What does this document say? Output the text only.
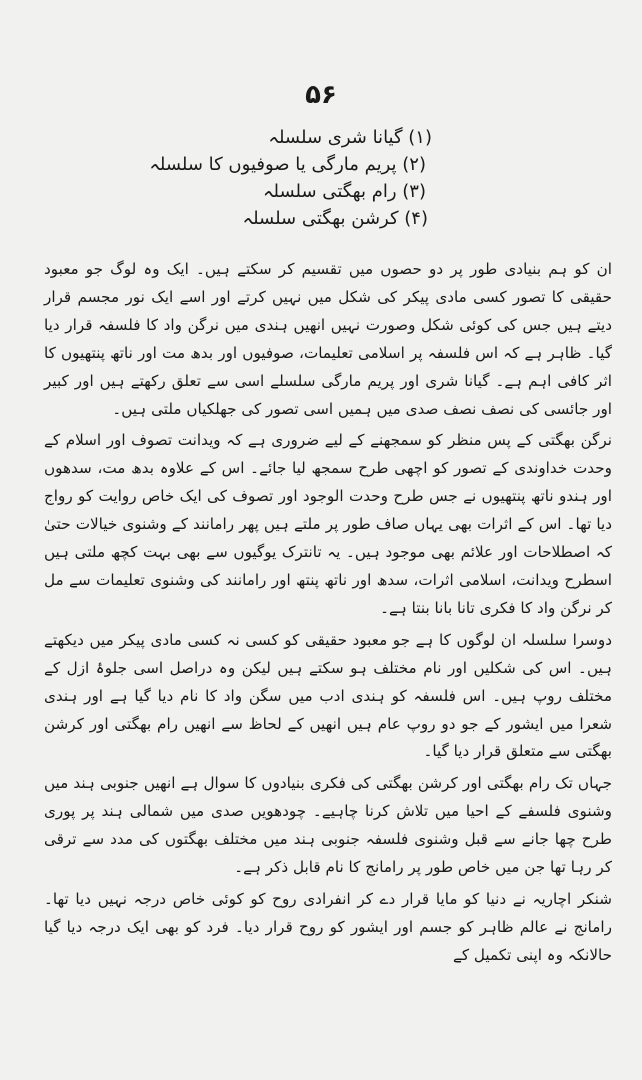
۵۶
(۱) گیانا شری سلسلہ
(۲) پریم مارگی یا صوفیوں کا سلسلہ
(۳) رام بھگتی سلسلہ
(۴) کرشن بھگتی سلسلہ

ان کو ہم بنیادی طور پر دو حصوں میں تقسیم کر سکتے ہیں۔ ایک وہ لوگ جو معبود حقیقی کا تصور کسی مادی پیکر کی شکل میں نہیں کرتے اور اسے ایک نور مجسم قرار دیتے ہیں جس کی کوئی شکل وصورت نہیں انھیں ہندی میں نرگن واد کا فلسفہ قرار دیا گیا۔ ظاہر ہے کہ اس فلسفہ پر اسلامی تعلیمات، صوفیوں اور بدھ مت اور ناتھ پنتھیوں کا اثر کافی اہم ہے۔ گیانا شری اور پریم مارگی سلسلے اسی سے تعلق رکھتے ہیں اور کبیر اور جائسی کی نصف نصف صدی میں ہمیں اسی تصور کی جھلکیاں ملتی ہیں۔

نرگن بھگتی کے پس منظر کو سمجھنے کے لیے ضروری ہے کہ ویدانت تصوف اور اسلام کے وحدت خداوندی کے تصور کو اچھی طرح سمجھ لیا جائے۔ اس کے علاوہ بدھ مت، سدھوں اور ہندو ناتھ پنتھیوں نے جس طرح وحدت الوجود اور تصوف کی ایک خاص روایت کو رواج دیا تھا۔ اس کے اثرات بھی یہاں صاف طور پر ملتے ہیں پھر رامانند کے وشنوی خیالات حتیٰ کہ اصطلاحات اور علائم بھی موجود ہیں۔ یہ تانترک یوگیوں سے بھی بہت کچھ ملتی ہیں اسطرح ویدانت، اسلامی اثرات، سدھ اور ناتھ پنتھ اور رامانند کی وشنوی تعلیمات سے مل کر نرگن واد کا فکری تانا بانا بنتا ہے۔

دوسرا سلسلہ ان لوگوں کا ہے جو معبود حقیقی کو کسی نہ کسی مادی پیکر میں دیکھتے ہیں۔ اس کی شکلیں اور نام مختلف ہو سکتے ہیں لیکن وہ دراصل اسی جلوۂ ازل کے مختلف روپ ہیں۔ اس فلسفہ کو ہندی ادب میں سگن واد کا نام دیا گیا ہے اور ہندی شعرا میں ایشور کے جو دو روپ عام ہیں انھیں کے لحاظ سے انھیں رام بھگتی اور کرشن بھگتی سے متعلق قرار دیا گیا۔

جہاں تک رام بھگتی اور کرشن بھگتی کی فکری بنیادوں کا سوال ہے انھیں جنوبی ہند میں وشنوی فلسفے کے احیا میں تلاش کرنا چاہیے۔ چودھویں صدی میں شمالی ہند پر پوری طرح چھا جانے سے قبل وشنوی فلسفہ جنوبی ہند میں مختلف بھگتوں کی مدد سے ترقی کر رہا تھا جن میں خاص طور پر رامانج کا نام قابل ذکر ہے۔

شنکر اچاریہ نے دنیا کو مایا قرار دے کر انفرادی روح کو کوئی خاص درجہ نہیں دیا تھا۔ رامانج نے عالم ظاہر کو جسم اور ایشور کو روح قرار دیا۔ فرد کو بھی ایک درجہ دیا گیا حالانکہ وہ اپنی تکمیل کے
